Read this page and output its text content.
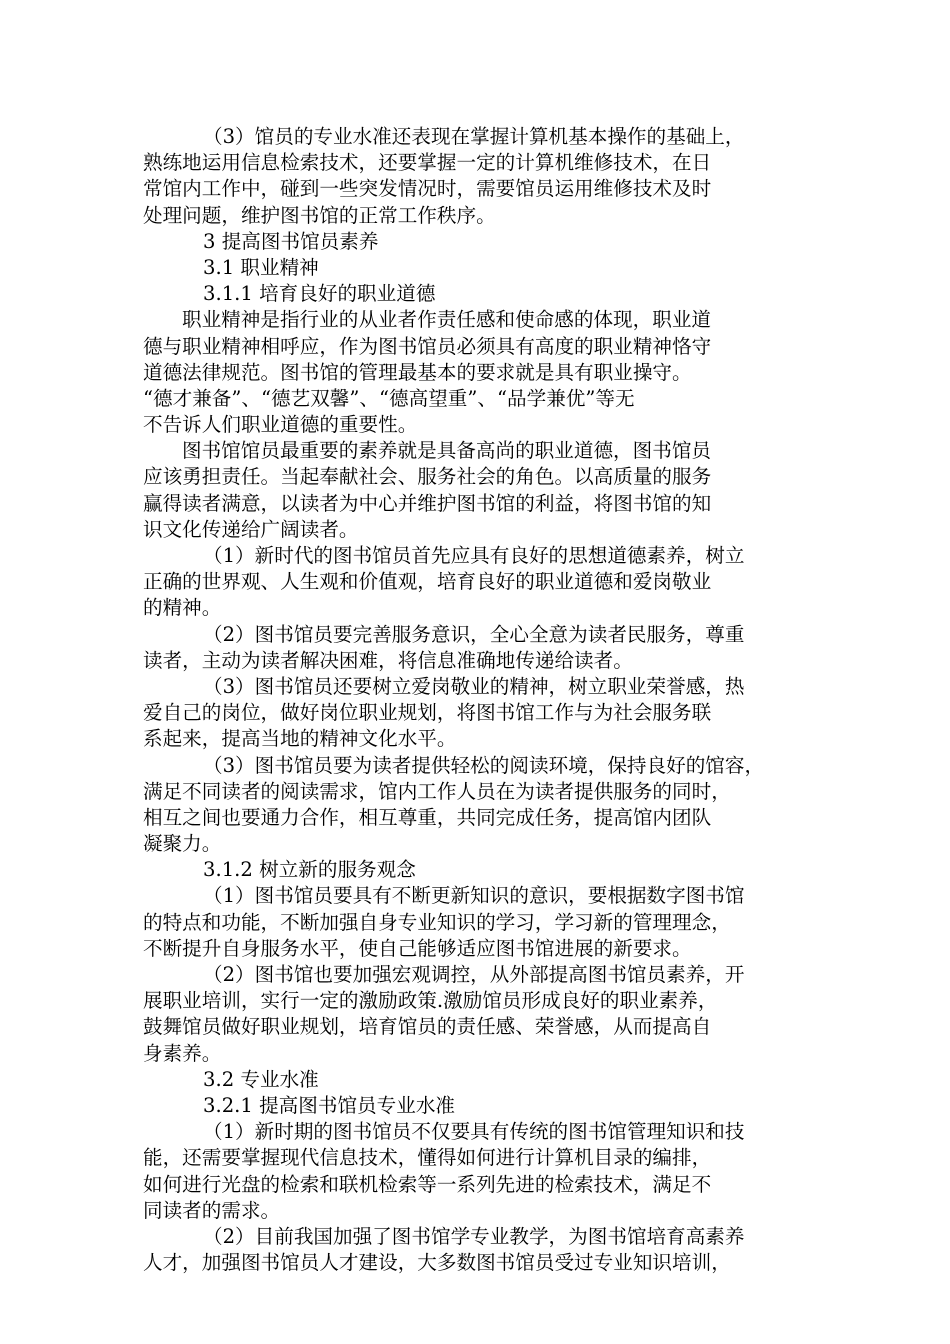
（3）馆员的专业水准还表现在掌握计算机基本操作的基础上，
熟练地运用信息检索技术，还要掌握一定的计算机维修技术，在日
常馆内工作中，碰到一些突发情况时，需要馆员运用维修技术及时
处理问题，维护图书馆的正常工作秩序。
3 提高图书馆员素养
3.1 职业精神
3.1.1 培育良好的职业道德
职业精神是指行业的从业者作责任感和使命感的体现，职业道
德与职业精神相呼应，作为图书馆员必须具有高度的职业精神恪守
道德法律规范。图书馆的管理最基本的要求就是具有职业操守。
“德才兼备”、“德艺双馨”、“德高望重”、“品学兼优”等无
不告诉人们职业道德的重要性。
图书馆馆员最重要的素养就是具备高尚的职业道德，图书馆员
应该勇担责任。当起奉献社会、服务社会的角色。以高质量的服务
赢得读者满意，以读者为中心并维护图书馆的利益，将图书馆的知
识文化传递给广阔读者。
（1）新时代的图书馆员首先应具有良好的思想道德素养，树立
正确的世界观、人生观和价值观，培育良好的职业道德和爱岗敬业
的精神。
（2）图书馆员要完善服务意识，全心全意为读者民服务，尊重
读者，主动为读者解决困难，将信息准确地传递给读者。
（3）图书馆员还要树立爱岗敬业的精神，树立职业荣誉感，热
爱自己的岗位，做好岗位职业规划，将图书馆工作与为社会服务联
系起来，提高当地的精神文化水平。
（3）图书馆员要为读者提供轻松的阅读环境，保持良好的馆容，
满足不同读者的阅读需求，馆内工作人员在为读者提供服务的同时，
相互之间也要通力合作，相互尊重，共同完成任务，提高馆内团队
凝聚力。
3.1.2 树立新的服务观念
（1）图书馆员要具有不断更新知识的意识，要根据数字图书馆
的特点和功能，不断加强自身专业知识的学习，学习新的管理理念，
不断提升自身服务水平，使自己能够适应图书馆进展的新要求。
（2）图书馆也要加强宏观调控，从外部提高图书馆员素养，开
展职业培训，实行一定的激励政策.激励馆员形成良好的职业素养，
鼓舞馆员做好职业规划，培育馆员的责任感、荣誉感，从而提高自
身素养。
3.2 专业水准
3.2.1 提高图书馆员专业水准
（1）新时期的图书馆员不仅要具有传统的图书馆管理知识和技
能，还需要掌握现代信息技术，懂得如何进行计算机目录的编排，
如何进行光盘的检索和联机检索等一系列先进的检索技术，满足不
同读者的需求。
（2）目前我国加强了图书馆学专业教学，为图书馆培育高素养
人才，加强图书馆员人才建设，大多数图书馆员受过专业知识培训，
